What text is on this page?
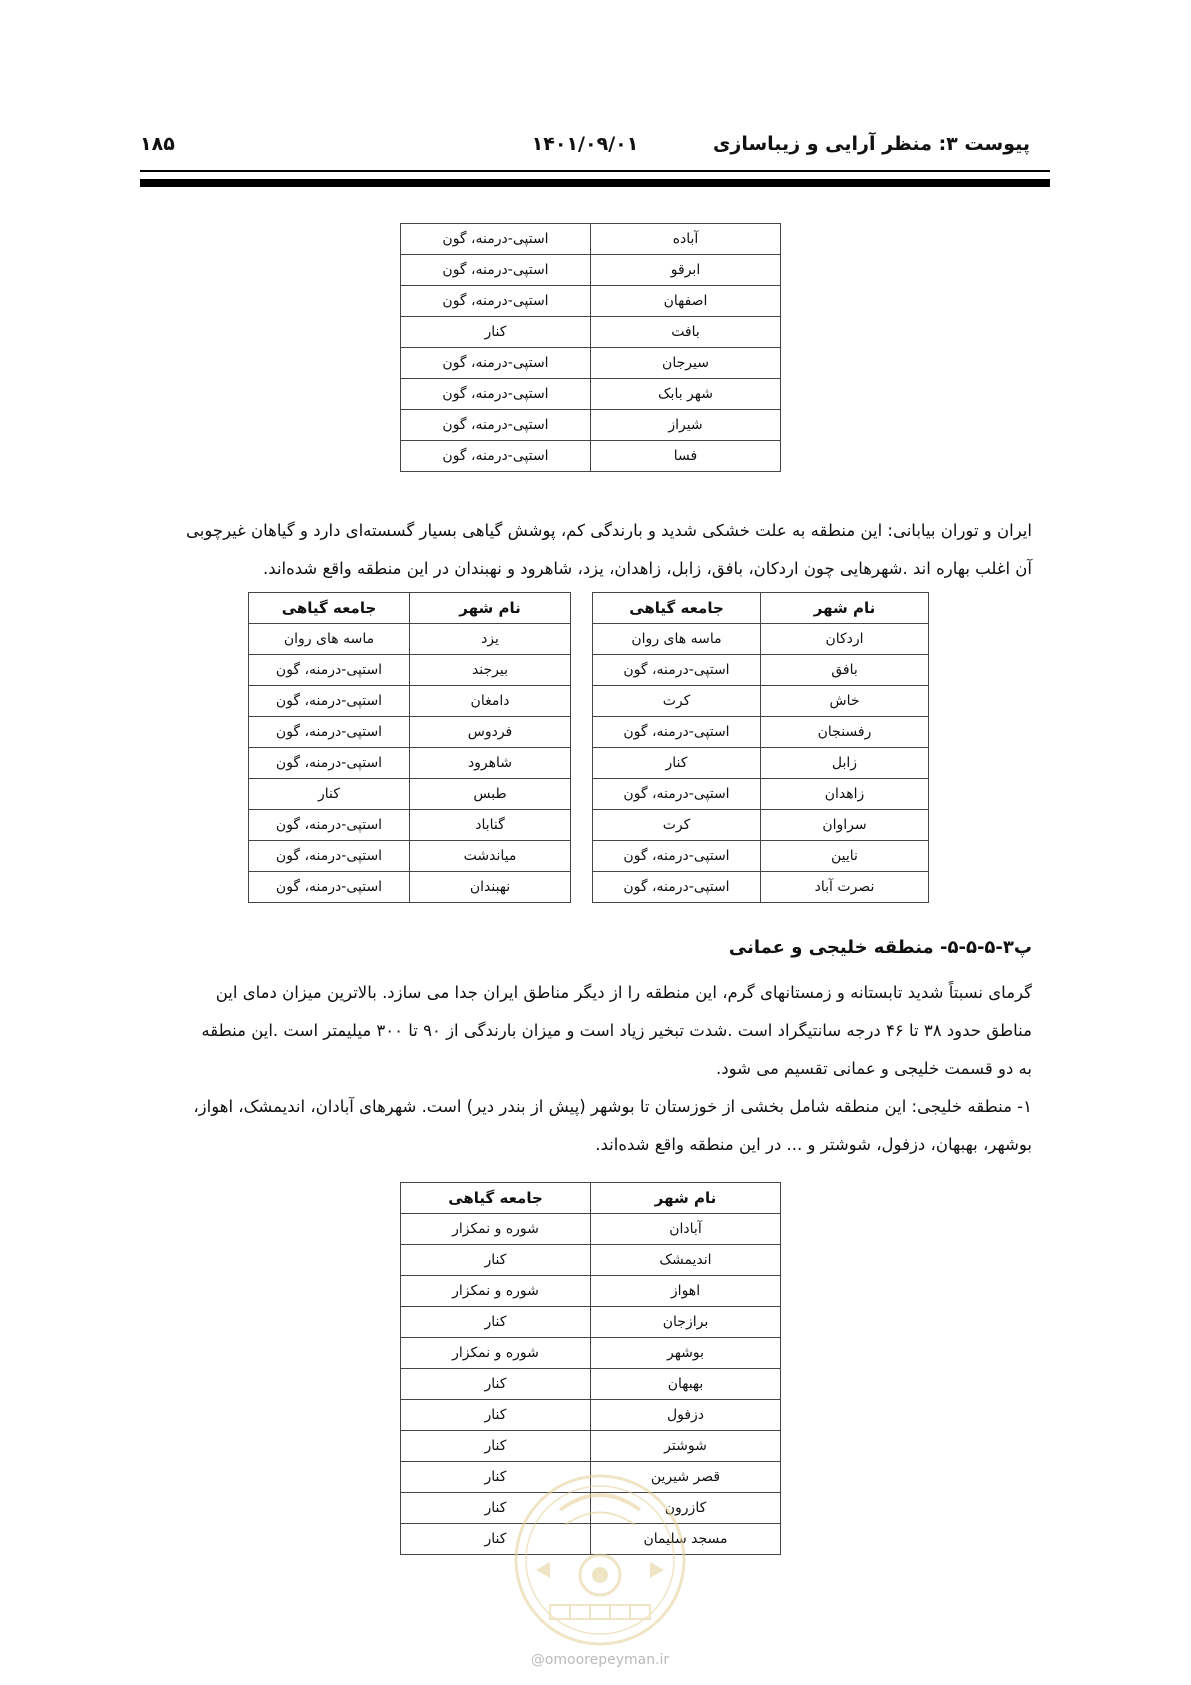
پیوست ۳: منظر آرایی و زیباسازی
۱۴۰۱/۰۹/۰۱
۱۸۵
آباده	استپی-درمنه، گون
ابرقو	استپی-درمنه، گون
اصفهان	استپی-درمنه، گون
بافت	کنار
سیرجان	استپی-درمنه، گون
شهر بابک	استپی-درمنه، گون
شیراز	استپی-درمنه، گون
فسا	استپی-درمنه، گون

ایران و توران بیابانی: این منطقه به علت خشکی شدید و بارندگی کم، پوشش گیاهی بسیار گسسته‌ای دارد و گیاهان غیرچوبی

آن اغلب بهاره اند .شهرهایی چون اردکان، بافق، زابل، زاهدان، یزد، شاهرود و نهبندان در این منطقه واقع شده‌اند.

نام شهر	جامعه گیاهی
اردکان	ماسه های روان
بافق	استپی-درمنه، گون
خاش	کرت
رفسنجان	استپی-درمنه، گون
زابل	کنار
زاهدان	استپی-درمنه، گون
سراوان	کرت
نایین	استپی-درمنه، گون
نصرت آباد	استپی-درمنه، گون
نام شهر	جامعه گیاهی
یزد	ماسه های روان
بیرجند	استپی-درمنه، گون
دامغان	استپی-درمنه، گون
فردوس	استپی-درمنه، گون
شاهرود	استپی-درمنه، گون
طبس	کنار
گناباد	استپی-درمنه، گون
میاندشت	استپی-درمنه، گون
نهبندان	استپی-درمنه، گون
پ۳-۵-۵-۵- منطقه خلیجی و عمانی

گرمای نسبتاً شدید تابستانه و زمستانهای گرم، این منطقه را از دیگر مناطق ایران جدا می سازد. بالاترین میزان دمای این

مناطق حدود ۳۸ تا ۴۶ درجه سانتیگراد است .شدت تبخیر زیاد است و میزان بارندگی از ۹۰ تا ۳۰۰ میلیمتر است .این منطقه

به دو قسمت خلیجی و عمانی تقسیم می شود.

۱- منطقه خلیجی: این منطقه شامل بخشی از خوزستان تا بوشهر (پیش از بندر دیر) است. شهرهای آبادان، اندیمشک، اهواز،

بوشهر، بهبهان، دزفول، شوشتر و ... در این منطقه واقع شده‌اند.

نام شهر	جامعه گیاهی
آبادان	شوره و نمکزار
اندیمشک	کنار
اهواز	شوره و نمکزار
برازجان	کنار
بوشهر	شوره و نمکزار
بهبهان	کنار
دزفول	کنار
شوشتر	کنار
قصر شیرین	کنار
کازرون	کنار
مسجد سلیمان	کنار
@omoorepeyman.ir
